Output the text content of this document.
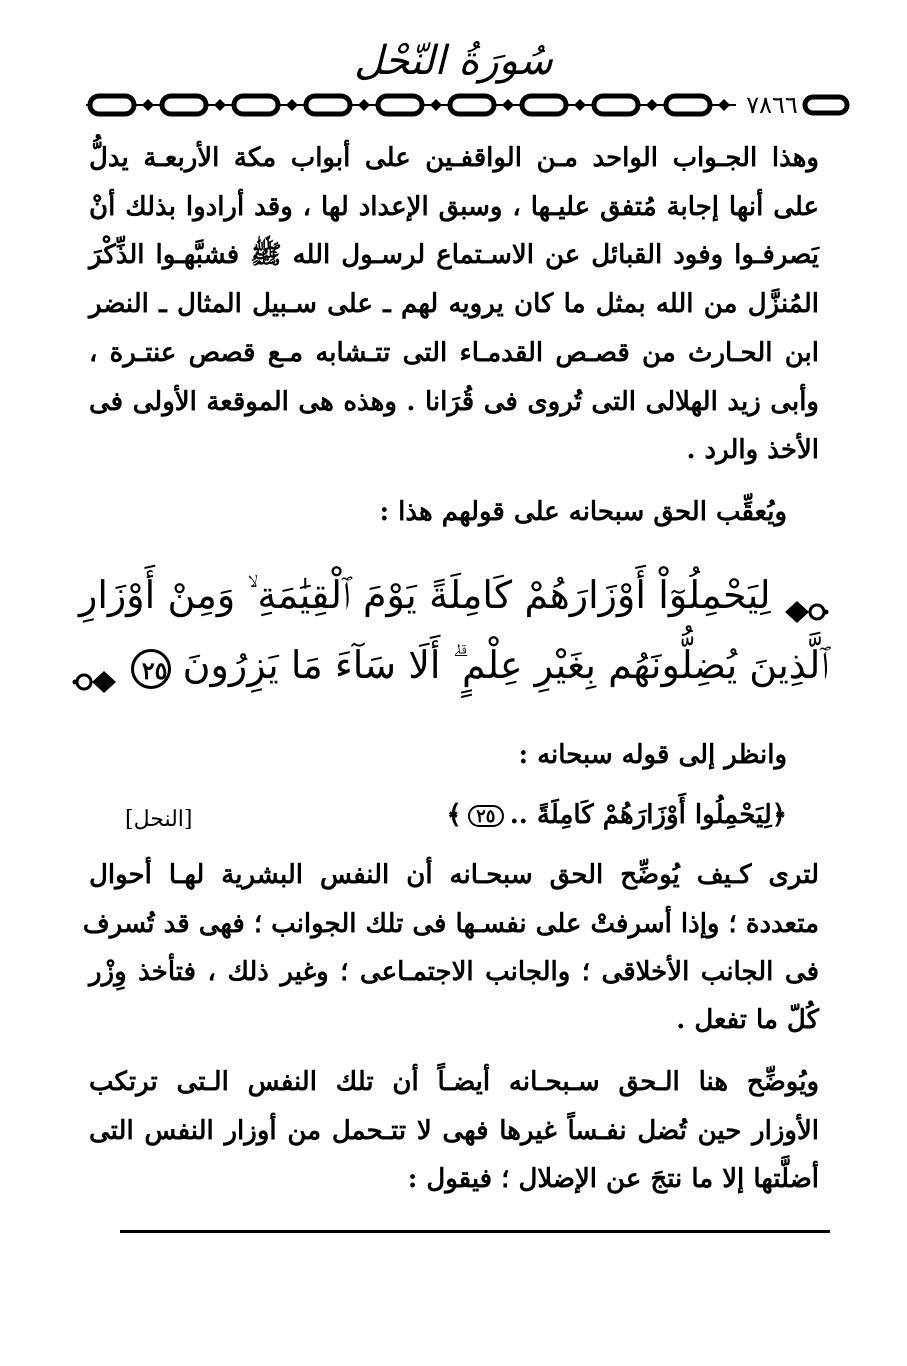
سُورَةُ النّحْل
٧٨٦٦
وهذا الجـواب الواحد مـن الواقفـين على أبواب مكة الأربعـة يدلُّ
على أنها إجابة مُتفق عليـها ، وسبق الإعداد لها ، وقد أرادوا بذلك أنْ
يَصرفـوا وفود القبائل عن الاسـتماع لرسـول الله ﷺ فشبَّهـوا الذِّكْرَ
المُنزَّل من الله بمثل ما كان يرويه لهم ـ على سـبيل المثال ـ النضر
ابن الحـارث من قصـص القدمـاء التى تتـشابه مـع قصص عنتـرة ،
وأبى زيد الهلالى التى تُروى فى قُرَانا . وهذه هى الموقعة الأولى فى
الأخذ والرد .
ويُعقِّب الحق سبحانه على قولهم هذا :
لِيَحْمِلُوٓاْ أَوْزَارَهُمْ كَامِلَةً يَوْمَ ٱلْقِيَٰمَةِ ۙ وَمِنْ أَوْزَارِ
ٱلَّذِينَ يُضِلُّونَهُم بِغَيْرِ عِلْمٍ ۗ أَلَا سَآءَ مَا يَزِرُونَ ٢٥
وانظر إلى قوله سبحانه :
﴿لِيَحْمِلُوا أَوْزَارَهُمْ كَامِلَةً ..٢٥﴾
[النحل]
لترى كـيف يُوضِّح الحق سبحـانه أن النفس البشرية لهـا أحوال
متعددة ؛ وإذا أسرفتْ على نفسـها فى تلك الجوانب ؛ فهى قد تُسرف
فى الجانب الأخلاقى ؛ والجانب الاجتمـاعى ؛ وغير ذلك ، فتأخذ وِزْر
كُلّ ما تفعل .
ويُوضِّح هنا الـحق سـبحـانه أيضـاً أن تلك النفس الـتى ترتكب
الأوزار حين تُضل نفـساً غيرها فهى لا تتـحمل من أوزار النفس التى
أضلَّتها إلا ما نتجَ عن الإضلال ؛ فيقول :
